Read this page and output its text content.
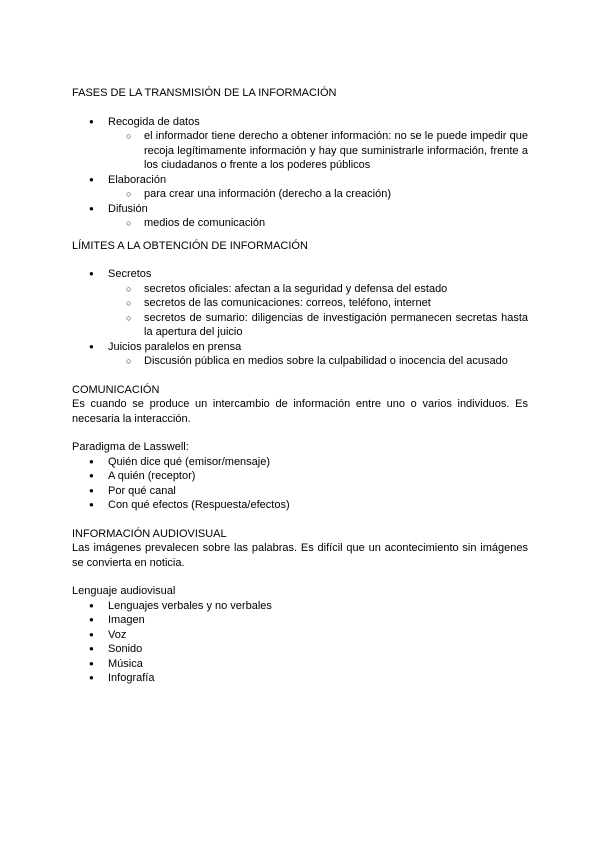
FASES DE LA TRANSMISIÓN DE LA INFORMACIÓN

● Recogida de datos
○ el informador tiene derecho a obtener información: no se le puede impedir que recoja legítimamente información y hay que suministrarle información, frente a los ciudadanos o frente a los poderes públicos
● Elaboración
○ para crear una información (derecho a la creación)
● Difusión
○ medios de comunicación

LÍMITES A LA OBTENCIÓN DE INFORMACIÓN

● Secretos
○ secretos oficiales: afectan a la seguridad y defensa del estado
○ secretos de las comunicaciones: correos, teléfono, internet
○ secretos de sumario: diligencias de investigación permanecen secretas hasta la apertura del juicio
● Juicios paralelos en prensa
○ Discusión pública en medios sobre la culpabilidad o inocencia del acusado

COMUNICACIÓN

Es cuando se produce un intercambio de información entre uno o varios individuos. Es necesaria la interacción.

Paradigma de Lasswell:

● Quién dice qué (emisor/mensaje)
● A quién (receptor)
● Por qué canal
● Con qué efectos (Respuesta/efectos)

INFORMACIÓN AUDIOVISUAL

Las imágenes prevalecen sobre las palabras. Es difícil que un acontecimiento sin imágenes se convierta en noticia.

Lenguaje audiovisual

● Lenguajes verbales y no verbales
● Imagen
● Voz
● Sonido
● Música
● Infografía
